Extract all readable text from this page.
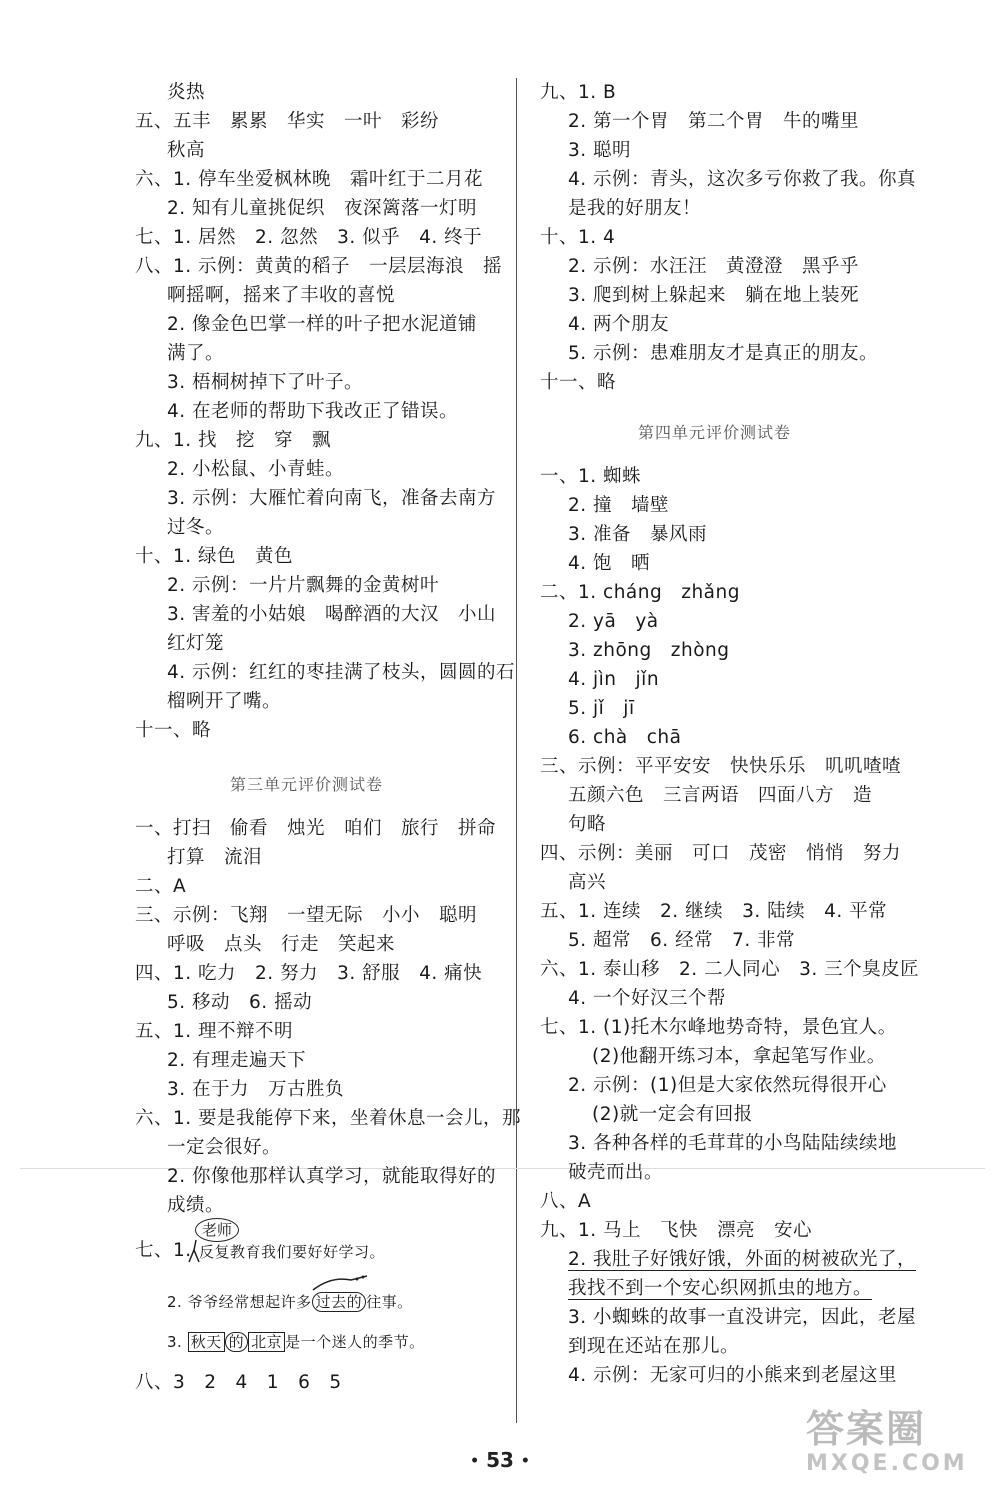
炎热
五、五丰　累累　华实　一叶　彩纷
秋高
六、1. 停车坐爱枫林晚　霜叶红于二月花
2. 知有儿童挑促织　夜深篱落一灯明
七、1. 居然　2. 忽然　3. 似乎　4. 终于
八、1. 示例：黄黄的稻子　一层层海浪　摇
啊摇啊，摇来了丰收的喜悦
2. 像金色巴掌一样的叶子把水泥道铺
满了。
3. 梧桐树掉下了叶子。
4. 在老师的帮助下我改正了错误。
九、1. 找　挖　穿　飘
2. 小松鼠、小青蛙。
3. 示例：大雁忙着向南飞，准备去南方
过冬。
十、1. 绿色　黄色
2. 示例：一片片飘舞的金黄树叶
3. 害羞的小姑娘　喝醉酒的大汉　小山
红灯笼
4. 示例：红红的枣挂满了枝头，圆圆的石
榴咧开了嘴。
十一、略
第三单元评价测试卷
一、打扫　偷看　烛光　咱们　旅行　拼命
打算　流泪
二、A
三、示例：飞翔　一望无际　小小　聪明
呼吸　点头　行走　笑起来
四、1. 吃力　2. 努力　3. 舒服　4. 痛快
5. 移动　6. 摇动
五、1. 理不辩不明
2. 有理走遍天下
3. 在于力　万古胜负
六、1. 要是我能停下来，坐着休息一会儿，那
一定会很好。
2. 你像他那样认真学习，就能取得好的
成绩。
七、1.
老师
反复教育我们要好好学习。
2. 爷爷经常想起许多 过去的 往事。
3. 秋天 的 北京 是一个迷人的季节。
八、3　2　4　1　6　5
九、1. B
2. 第一个胃　第二个胃　牛的嘴里
3. 聪明
4. 示例：青头，这次多亏你救了我。你真
是我的好朋友！
十、1. 4
2. 示例：水汪汪　黄澄澄　黑乎乎
3. 爬到树上躲起来　躺在地上装死
4. 两个朋友
5. 示例：患难朋友才是真正的朋友。
十一、略
第四单元评价测试卷
一、1. 蜘蛛
2. 撞　墙壁
3. 准备　暴风雨
4. 饱　晒
二、1. cháng　zhǎng
2. yā　yà
3. zhōng　zhòng
4. jìn　jǐn
5. jǐ　jī
6. chà　chā
三、示例：平平安安　快快乐乐　叽叽喳喳
五颜六色　三言两语　四面八方　造
句略
四、示例：美丽　可口　茂密　悄悄　努力
高兴
五、1. 连续　2. 继续　3. 陆续　4. 平常
5. 超常　6. 经常　7. 非常
六、1. 泰山移　2. 二人同心　3. 三个臭皮匠
4. 一个好汉三个帮
七、1. (1)托木尔峰地势奇特，景色宜人。
(2)他翻开练习本，拿起笔写作业。
2. 示例：(1)但是大家依然玩得很开心
(2)就一定会有回报
3. 各种各样的毛茸茸的小鸟陆陆续续地
破壳而出。
八、A
九、1. 马上　飞快　漂亮　安心
2. 我肚子好饿好饿，外面的树被砍光了，
我找不到一个安心织网抓虫的地方。
3. 小蜘蛛的故事一直没讲完，因此，老屋
到现在还站在那儿。
4. 示例：无家可归的小熊来到老屋这里
• 53 •
答案圈
MXQE.COM
